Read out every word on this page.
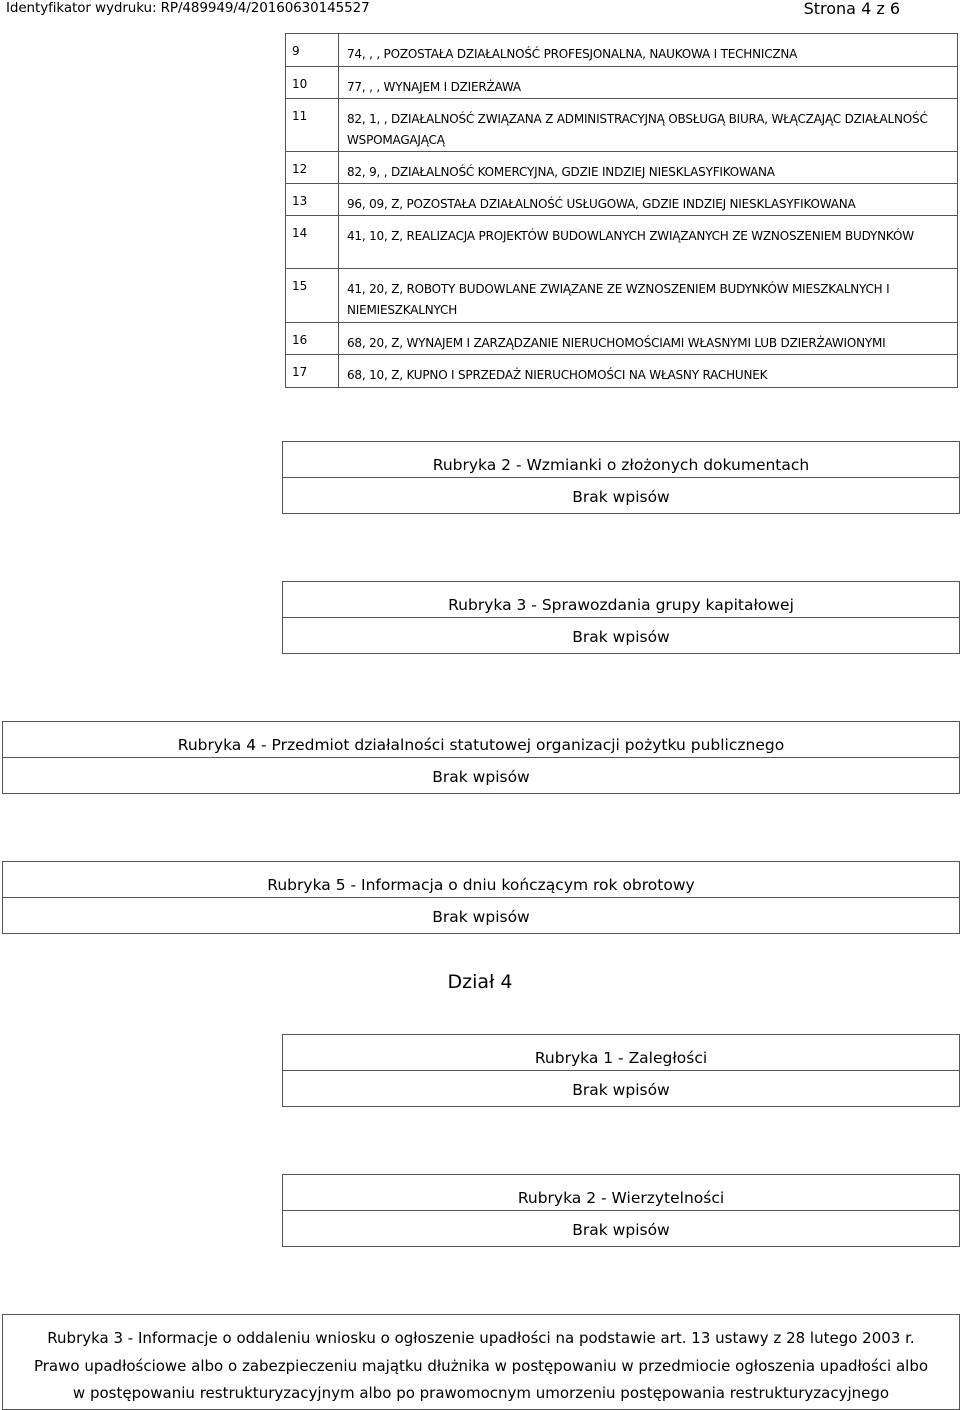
Identyfikator wydruku: RP/489949/4/20160630145527	Strona 4 z 6
9	74, , , POZOSTAŁA DZIAŁALNOŚĆ PROFESJONALNA, NAUKOWA I TECHNICZNA
10	77, , , WYNAJEM I DZIERŻAWA
11	82, 1, , DZIAŁALNOŚĆ ZWIĄZANA Z ADMINISTRACYJNĄ OBSŁUGĄ BIURA, WŁĄCZAJĄC DZIAŁALNOŚĆ WSPOMAGAJĄCĄ
12	82, 9, , DZIAŁALNOŚĆ KOMERCYJNA, GDZIE INDZIEJ NIESKLASYFIKOWANA
13	96, 09, Z, POZOSTAŁA DZIAŁALNOŚĆ USŁUGOWA, GDZIE INDZIEJ NIESKLASYFIKOWANA
14	41, 10, Z, REALIZACJA PROJEKTÓW BUDOWLANYCH ZWIĄZANYCH ZE WZNOSZENIEM BUDYNKÓW
15	41, 20, Z, ROBOTY BUDOWLANE ZWIĄZANE ZE WZNOSZENIEM BUDYNKÓW MIESZKALNYCH I NIEMIESZKALNYCH
16	68, 20, Z, WYNAJEM I ZARZĄDZANIE NIERUCHOMOŚCIAMI WŁASNYMI LUB DZIERŻAWIONYMI
17	68, 10, Z, KUPNO I SPRZEDAŻ NIERUCHOMOŚCI NA WŁASNY RACHUNEK
Rubryka 2 - Wzmianki o złożonych dokumentach
Brak wpisów
Rubryka 3 - Sprawozdania grupy kapitałowej
Brak wpisów
Rubryka 4 - Przedmiot działalności statutowej organizacji pożytku publicznego
Brak wpisów
Rubryka 5 - Informacja o dniu kończącym rok obrotowy
Brak wpisów
Dział 4
Rubryka 1 - Zaległości
Brak wpisów
Rubryka 2 - Wierzytelności
Brak wpisów
Rubryka 3 - Informacje o oddaleniu wniosku o ogłoszenie upadłości na podstawie art. 13 ustawy z 28 lutego 2003 r.
Prawo upadłościowe albo o zabezpieczeniu majątku dłużnika w postępowaniu w przedmiocie ogłoszenia upadłości albo
w postępowaniu restrukturyzacyjnym albo po prawomocnym umorzeniu postępowania restrukturyzacyjnego
